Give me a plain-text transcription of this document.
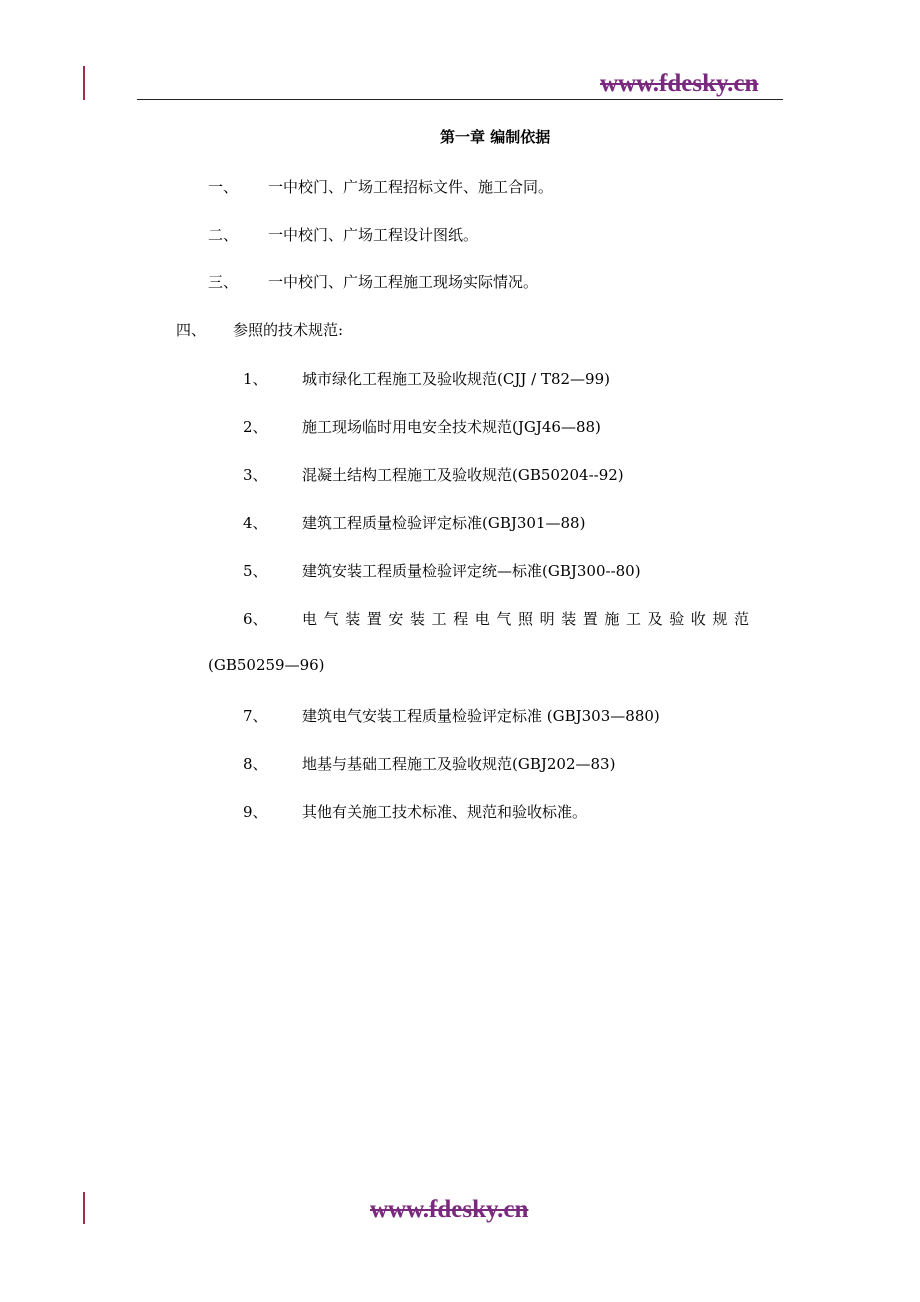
www.fdesky.cn
第一章 编制依据
一、 一中校门、广场工程招标文件、施工合同。
二、 一中校门、广场工程设计图纸。
三、 一中校门、广场工程施工现场实际情况。
四、 参照的技术规范:
1、 城市绿化工程施工及验收规范(CJJ / T82—99)
2、 施工现场临时用电安全技术规范(JGJ46—88)
3、 混凝土结构工程施工及验收规范(GB50204--92)
4、 建筑工程质量检验评定标准(GBJ301—88)
5、 建筑安装工程质量检验评定统—标准(GBJ300--80)
6、 电气装置安装工程电气照明装置施工及验收规范
(GB50259—96)
7、 建筑电气安装工程质量检验评定标准 (GBJ303—880)
8、 地基与基础工程施工及验收规范(GBJ202—83)
9、 其他有关施工技术标准、规范和验收标准。
www.fdesky.cn
